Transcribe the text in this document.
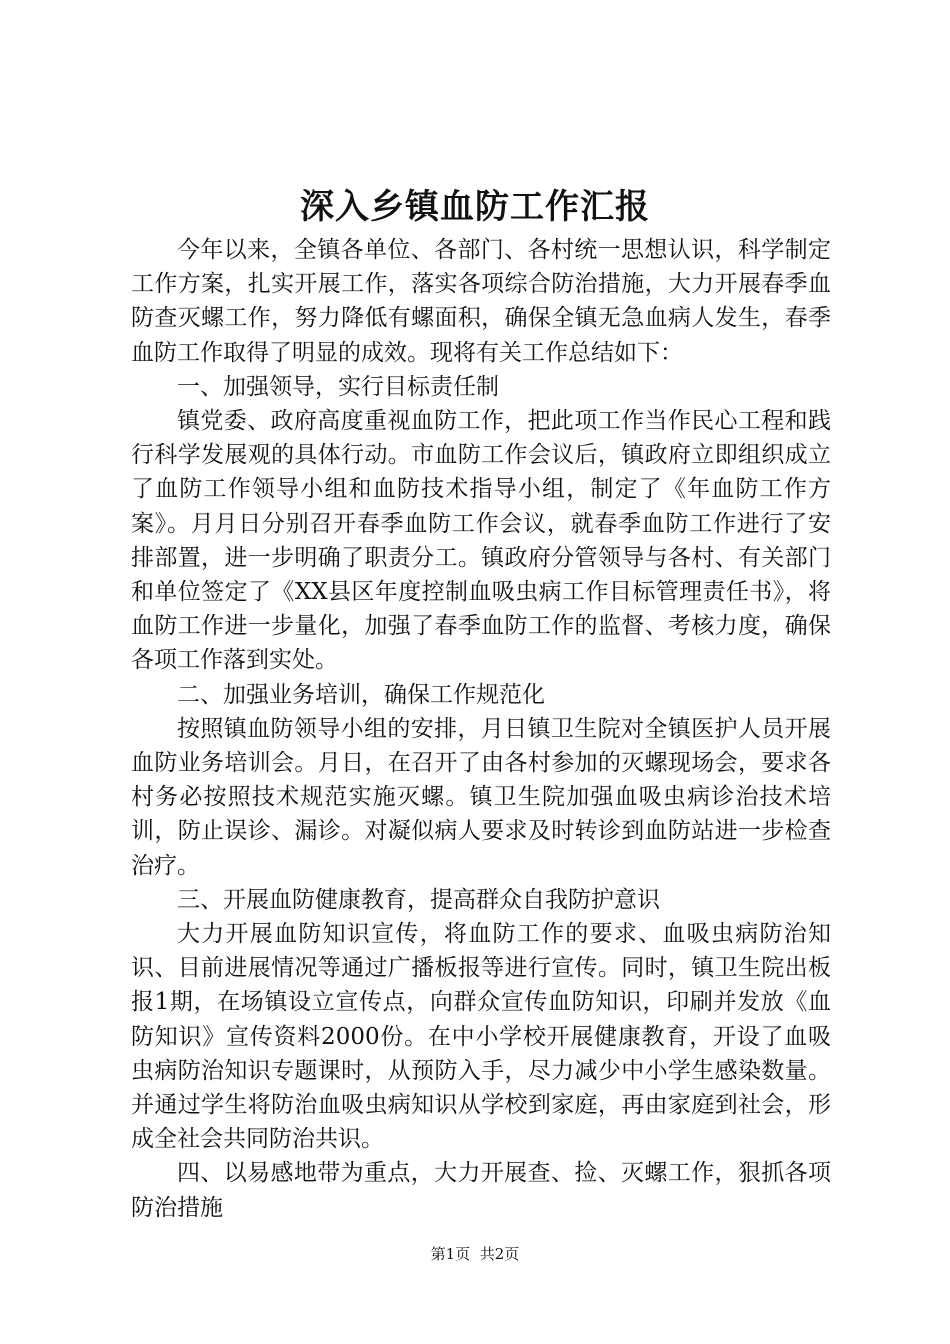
深入乡镇血防工作汇报

今年以来，全镇各单位、各部门、各村统一思想认识，科学制定工作方案，扎实开展工作，落实各项综合防治措施，大力开展春季血防查灭螺工作，努力降低有螺面积，确保全镇无急血病人发生，春季血防工作取得了明显的成效。现将有关工作总结如下：

一、加强领导，实行目标责任制

镇党委、政府高度重视血防工作，把此项工作当作民心工程和践行科学发展观的具体行动。市血防工作会议后，镇政府立即组织成立了血防工作领导小组和血防技术指导小组，制定了《年血防工作方案》。月月日分别召开春季血防工作会议，就春季血防工作进行了安排部置，进一步明确了职责分工。镇政府分管领导与各村、有关部门和单位签定了《XX县区年度控制血吸虫病工作目标管理责任书》，将血防工作进一步量化，加强了春季血防工作的监督、考核力度，确保各项工作落到实处。

二、加强业务培训，确保工作规范化

按照镇血防领导小组的安排，月日镇卫生院对全镇医护人员开展血防业务培训会。月日，在召开了由各村参加的灭螺现场会，要求各村务必按照技术规范实施灭螺。镇卫生院加强血吸虫病诊治技术培训，防止误诊、漏诊。对凝似病人要求及时转诊到血防站进一步检查治疗。

三、开展血防健康教育，提高群众自我防护意识

大力开展血防知识宣传，将血防工作的要求、血吸虫病防治知识、目前进展情况等通过广播板报等进行宣传。同时，镇卫生院出板报1期，在场镇设立宣传点，向群众宣传血防知识，印刷并发放《血防知识》宣传资料2000份。在中小学校开展健康教育，开设了血吸虫病防治知识专题课时，从预防入手，尽力减少中小学生感染数量。并通过学生将防治血吸虫病知识从学校到家庭，再由家庭到社会，形成全社会共同防治共识。

四、以易感地带为重点，大力开展查、捡、灭螺工作，狠抓各项防治措施

第1页 共2页
